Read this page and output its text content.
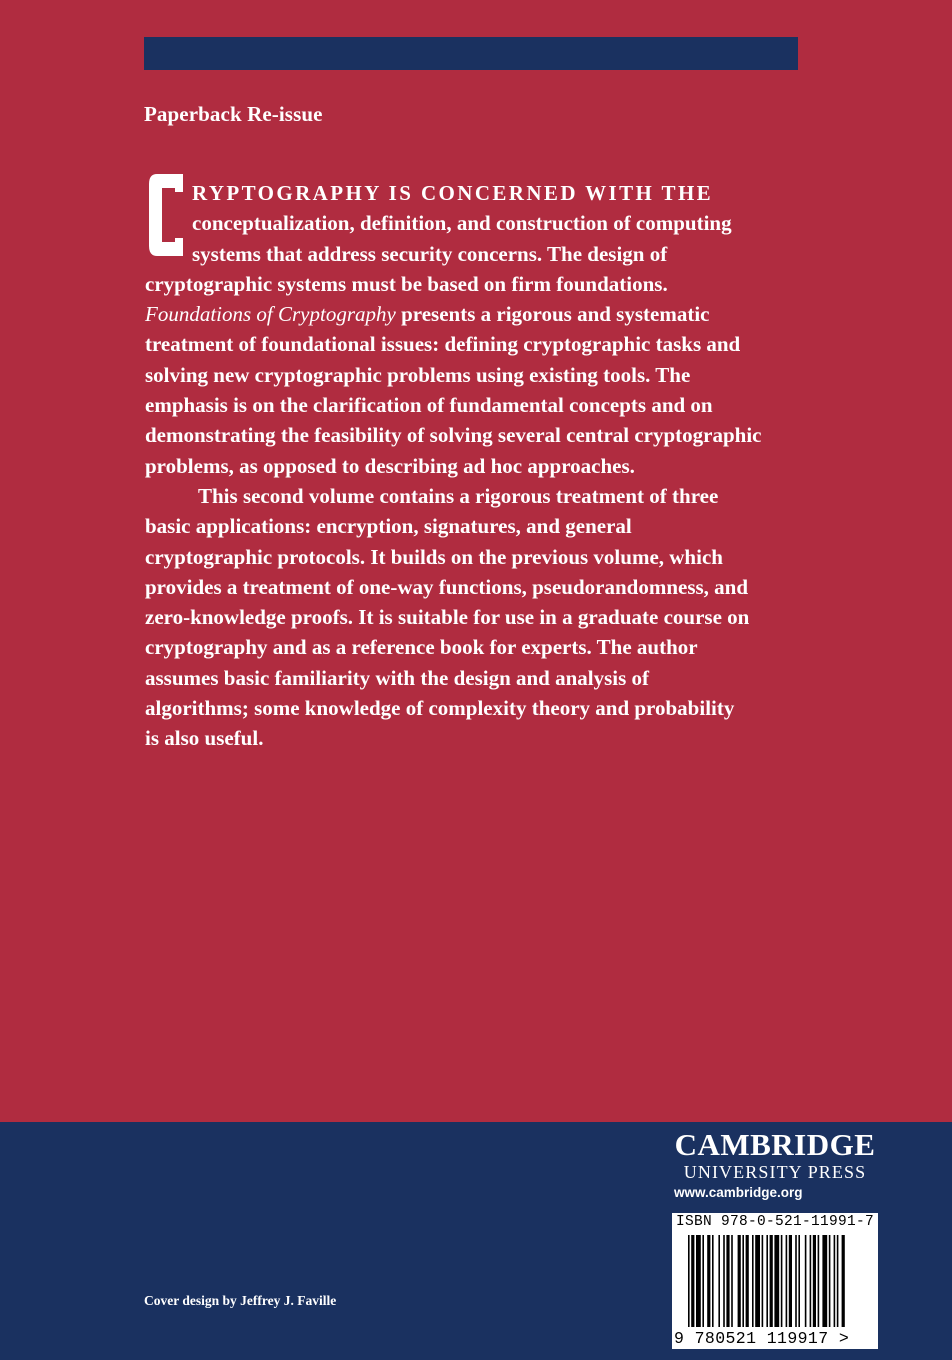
Paperback Re-issue
RYPTOGRAPHY IS CONCERNED WITH THE
conceptualization, definition, and construction of computing
systems that address security concerns. The design of
cryptographic systems must be based on firm foundations.
Foundations of Cryptography presents a rigorous and systematic
treatment of foundational issues: defining cryptographic tasks and
solving new cryptographic problems using existing tools. The
emphasis is on the clarification of fundamental concepts and on
demonstrating the feasibility of solving several central cryptographic
problems, as opposed to describing ad hoc approaches.
This second volume contains a rigorous treatment of three
basic applications: encryption, signatures, and general
cryptographic protocols. It builds on the previous volume, which
provides a treatment of one-way functions, pseudorandomness, and
zero-knowledge proofs. It is suitable for use in a graduate course on
cryptography and as a reference book for experts. The author
assumes basic familiarity with the design and analysis of
algorithms; some knowledge of complexity theory and probability
is also useful.
Cover design by Jeffrey J. Faville
CAMBRIDGE
UNIVERSITY PRESS
www.cambridge.org
ISBN 978-0-521-11991-7
9 780521 119917 >
